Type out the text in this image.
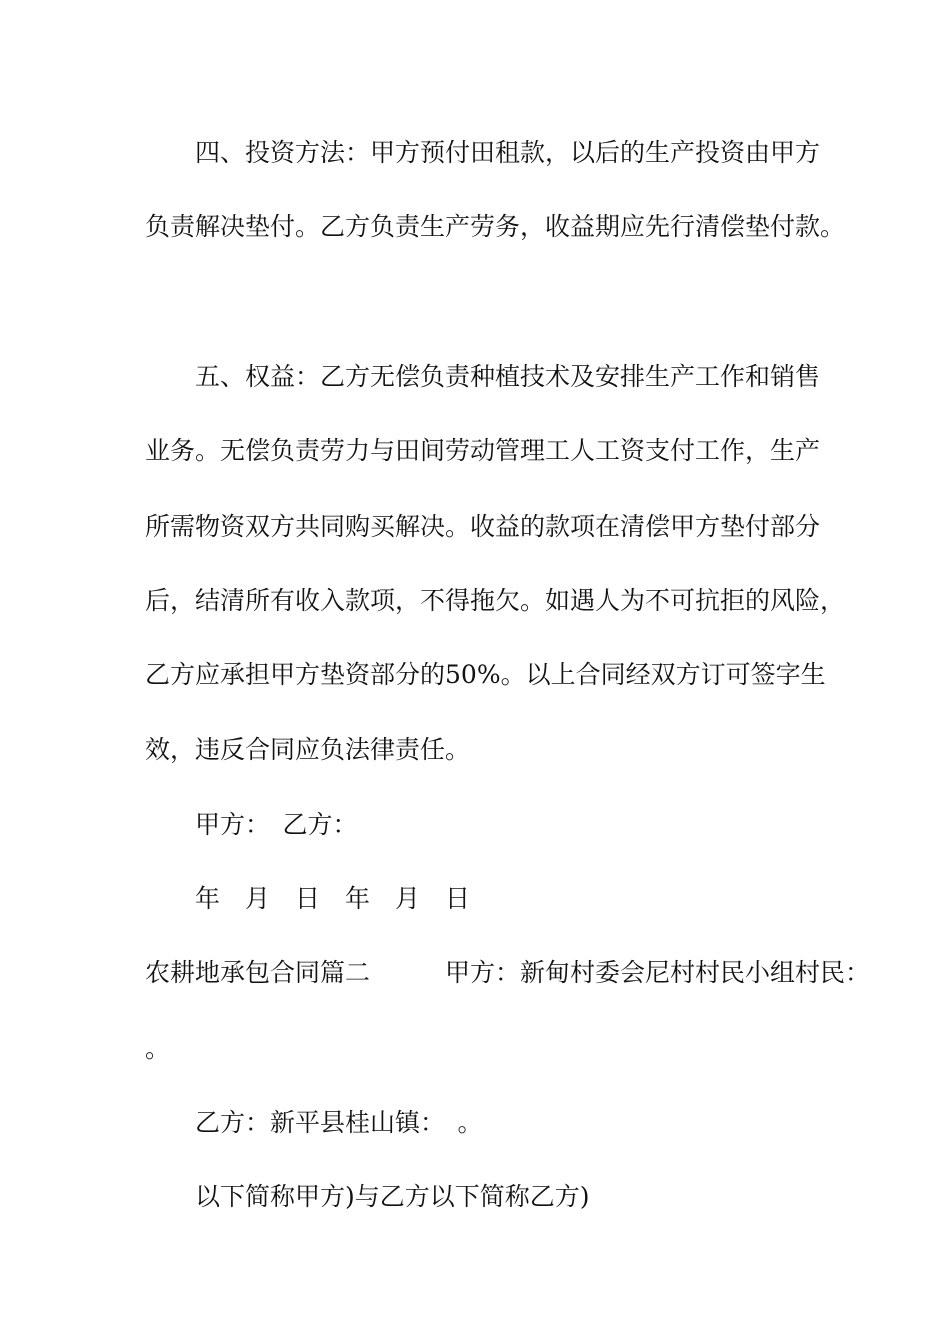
四、投资方法：甲方预付田租款，以后的生产投资由甲方
负责解决垫付。乙方负责生产劳务，收益期应先行清偿垫付款。
五、权益：乙方无偿负责种植技术及安排生产工作和销售
业务。无偿负责劳力与田间劳动管理工人工资支付工作，生产
所需物资双方共同购买解决。收益的款项在清偿甲方垫付部分
后，结清所有收入款项，不得拖欠。如遇人为不可抗拒的风险，
乙方应承担甲方垫资部分的50%。以上合同经双方订可签字生
效，违反合同应负法律责任。
甲方：　乙方：
年　月　日　年　月　日
农耕地承包合同篇二　　　甲方：新甸村委会尼村村民小组村民：
。
乙方：新平县桂山镇：　。
以下简称甲方)与乙方以下简称乙方)
